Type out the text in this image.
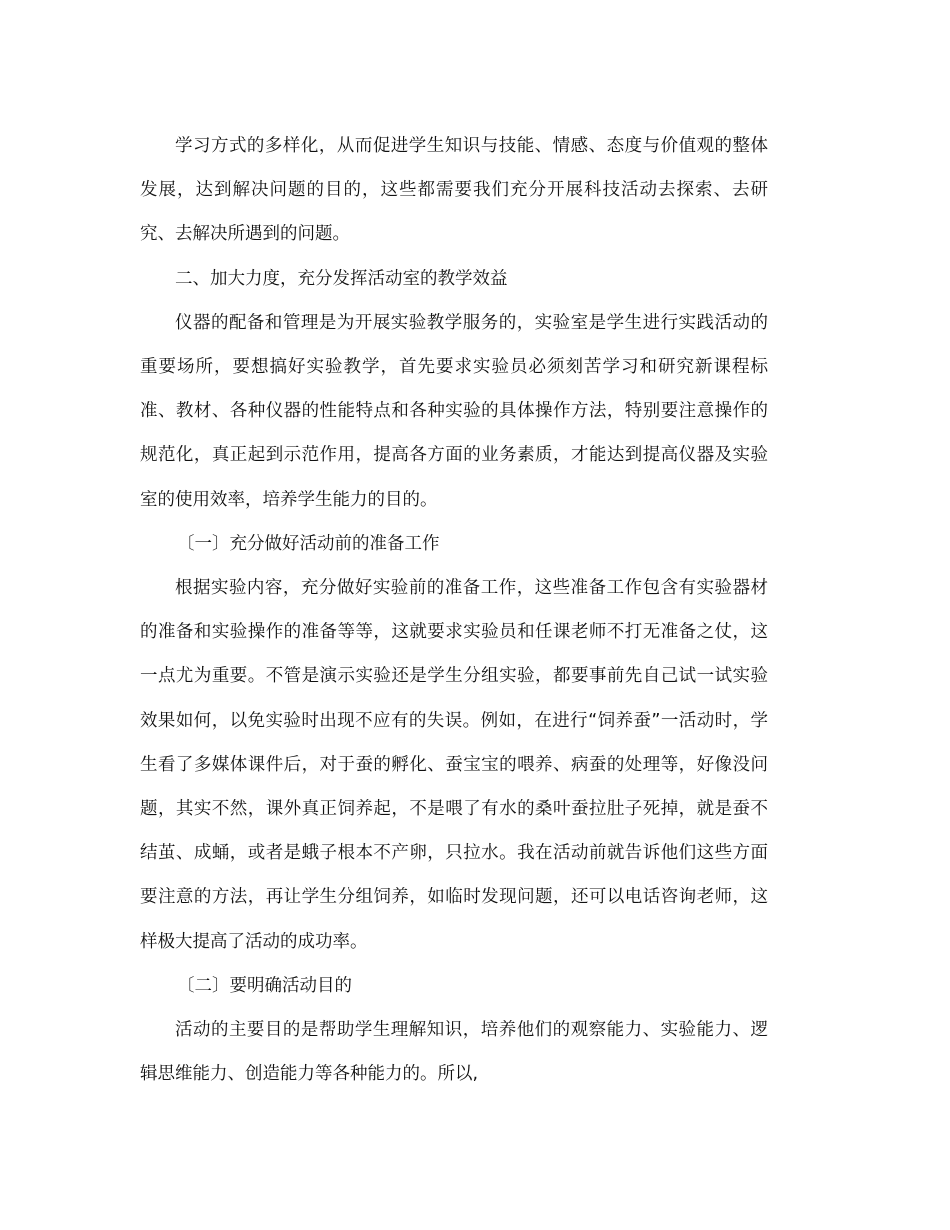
学习方式的多样化，从而促进学生知识与技能、情感、态度与价值观的整体发展，达到解决问题的目的，这些都需要我们充分开展科技活动去探索、去研究、去解决所遇到的问题。

二、加大力度，充分发挥活动室的教学效益

仪器的配备和管理是为开展实验教学服务的，实验室是学生进行实践活动的重要场所，要想搞好实验教学，首先要求实验员必须刻苦学习和研究新课程标准、教材、各种仪器的性能特点和各种实验的具体操作方法，特别要注意操作的规范化，真正起到示范作用，提高各方面的业务素质，才能达到提高仪器及实验室的使用效率，培养学生能力的目的。

〔一〕充分做好活动前的准备工作

根据实验内容，充分做好实验前的准备工作，这些准备工作包含有实验器材的准备和实验操作的准备等等，这就要求实验员和任课老师不打无准备之仗，这一点尤为重要。不管是演示实验还是学生分组实验，都要事前先自己试一试实验效果如何，以免实验时出现不应有的失误。例如，在进行“饲养蚕”一活动时，学生看了多媒体课件后，对于蚕的孵化、蚕宝宝的喂养、病蚕的处理等，好像没问题，其实不然，课外真正饲养起，不是喂了有水的桑叶蚕拉肚子死掉，就是蚕不结茧、成蛹，或者是蛾子根本不产卵，只拉水。我在活动前就告诉他们这些方面要注意的方法，再让学生分组饲养，如临时发现问题，还可以电话咨询老师，这样极大提高了活动的成功率。

〔二〕要明确活动目的

活动的主要目的是帮助学生理解知识，培养他们的观察能力、实验能力、逻辑思维能力、创造能力等各种能力的。所以,
